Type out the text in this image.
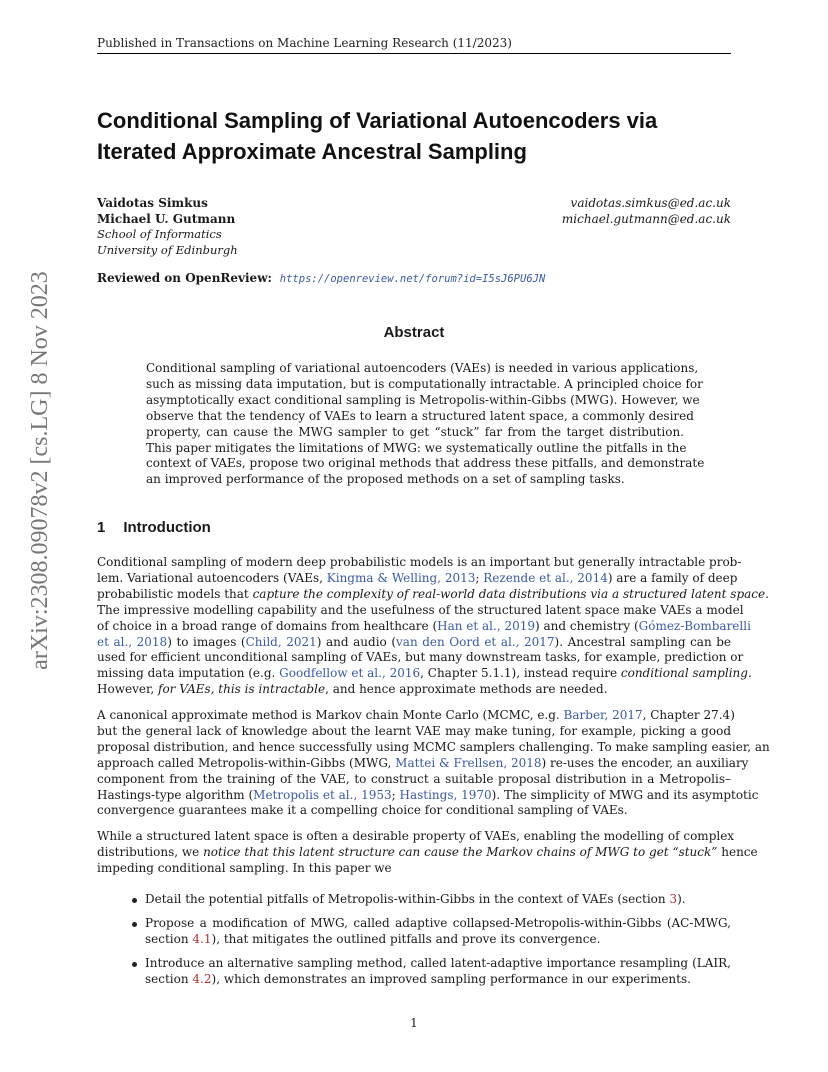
Published in Transactions on Machine Learning Research (11/2023)
arXiv:2308.09078v2 [cs.LG] 8 Nov 2023
Conditional Sampling of Variational Autoencoders via
Iterated Approximate Ancestral Sampling
Vaidotas Simkus	vaidotas.simkus@ed.ac.uk
Michael U. Gutmann	michael.gutmann@ed.ac.uk
School of Informatics
University of Edinburgh
Reviewed on OpenReview: https://openreview.net/forum?id=I5sJ6PU6JN
Abstract
Conditional sampling of variational autoencoders (VAEs) is needed in various applications,
such as missing data imputation, but is computationally intractable. A principled choice for
asymptotically exact conditional sampling is Metropolis-within-Gibbs (MWG). However, we
observe that the tendency of VAEs to learn a structured latent space, a commonly desired
property, can cause the MWG sampler to get “stuck” far from the target distribution.
This paper mitigates the limitations of MWG: we systematically outline the pitfalls in the
context of VAEs, propose two original methods that address these pitfalls, and demonstrate
an improved performance of the proposed methods on a set of sampling tasks.
1 Introduction
Conditional sampling of modern deep probabilistic models is an important but generally intractable prob-
lem. Variational autoencoders (VAEs, Kingma & Welling, 2013; Rezende et al., 2014) are a family of deep
probabilistic models that capture the complexity of real-world data distributions via a structured latent space.
The impressive modelling capability and the usefulness of the structured latent space make VAEs a model
of choice in a broad range of domains from healthcare (Han et al., 2019) and chemistry (Gómez-Bombarelli
et al., 2018) to images (Child, 2021) and audio (van den Oord et al., 2017). Ancestral sampling can be
used for efficient unconditional sampling of VAEs, but many downstream tasks, for example, prediction or
missing data imputation (e.g. Goodfellow et al., 2016, Chapter 5.1.1), instead require conditional sampling.
However, for VAEs, this is intractable, and hence approximate methods are needed.
A canonical approximate method is Markov chain Monte Carlo (MCMC, e.g. Barber, 2017, Chapter 27.4)
but the general lack of knowledge about the learnt VAE may make tuning, for example, picking a good
proposal distribution, and hence successfully using MCMC samplers challenging. To make sampling easier, an
approach called Metropolis-within-Gibbs (MWG, Mattei & Frellsen, 2018) re-uses the encoder, an auxiliary
component from the training of the VAE, to construct a suitable proposal distribution in a Metropolis–
Hastings-type algorithm (Metropolis et al., 1953; Hastings, 1970). The simplicity of MWG and its asymptotic
convergence guarantees make it a compelling choice for conditional sampling of VAEs.
While a structured latent space is often a desirable property of VAEs, enabling the modelling of complex
distributions, we notice that this latent structure can cause the Markov chains of MWG to get “stuck” hence
impeding conditional sampling. In this paper we
Detail the potential pitfalls of Metropolis-within-Gibbs in the context of VAEs (section 3).
Propose a modification of MWG, called adaptive collapsed-Metropolis-within-Gibbs (AC-MWG,
section 4.1), that mitigates the outlined pitfalls and prove its convergence.
Introduce an alternative sampling method, called latent-adaptive importance resampling (LAIR,
section 4.2), which demonstrates an improved sampling performance in our experiments.
1
